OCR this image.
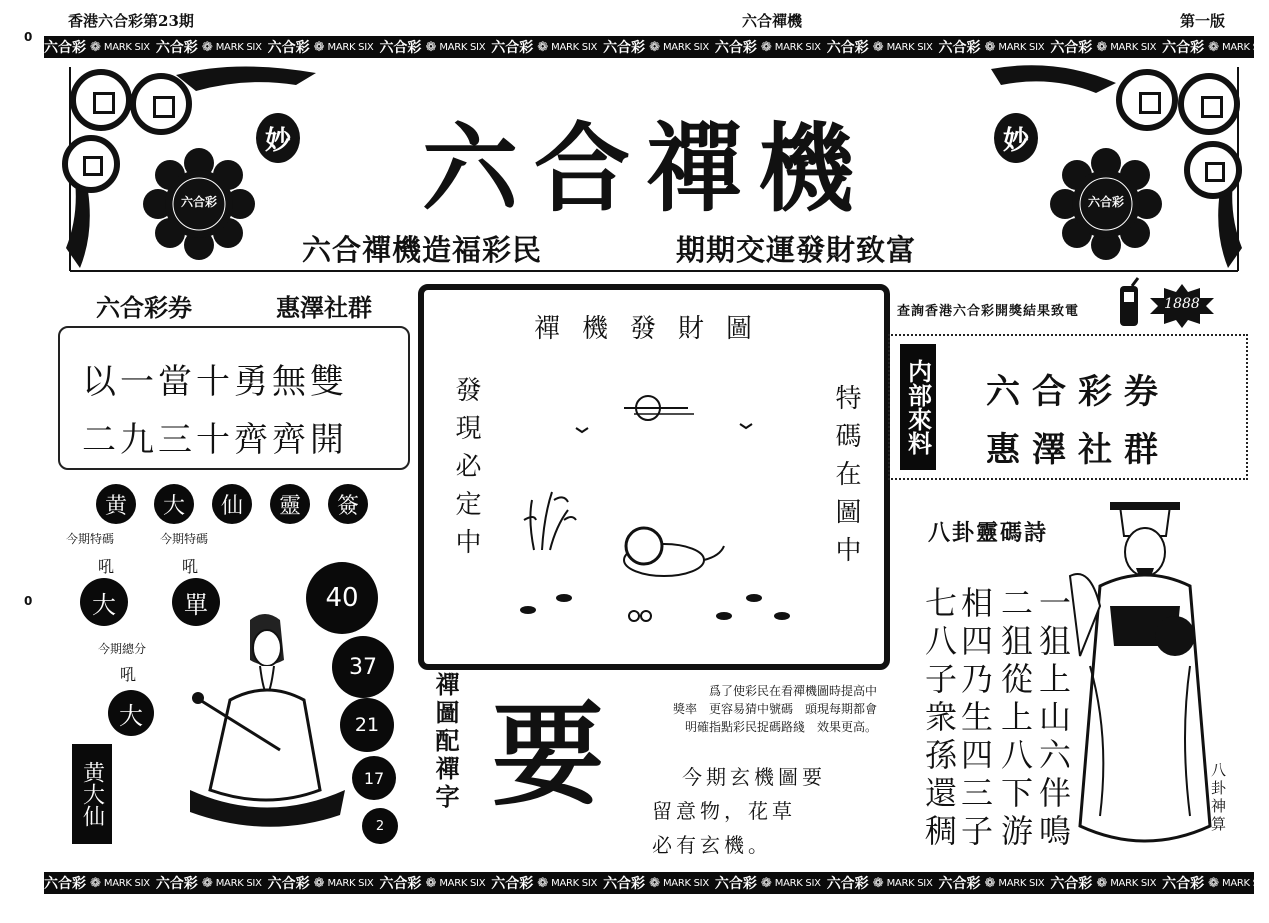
0
0
香港六合彩第23期	六合禪機	第一版
六合彩 ❁ MARK SIX 六合彩 ❁ MARK SIX 六合彩 ❁ MARK SIX 六合彩 ❁ MARK SIX 六合彩 ❁ MARK SIX 六合彩 ❁ MARK SIX 六合彩 ❁ MARK SIX 六合彩 ❁ MARK SIX 六合彩 ❁ MARK SIX 六合彩 ❁ MARK SIX 六合彩 ❁ MARK SIX
六合彩	六合彩
妙	妙
六合禪機
六合禪機造福彩民	期期交運發財致富
六合彩券	惠澤社群
以一當十勇無雙
二九三十齊齊開
黄	大	仙	靈	簽
今期特碼
吼
大
今期特碼
吼
單
今期總分
吼
大
黄大仙
40
37
21
17
2
禪機發財圖
發現必定中	特碼在圖中
禪圖配禪字 要	爲了使彩民在看禪機圖時提高中
獎率　更容易猜中號碼　頭現每期都會
明確指點彩民捉碼路綫　效果更高。
今期玄機圖要
留意物，花草
必有玄機。
查詢香港六合彩開獎結果致電	1888
内部來料 六合彩券
惠澤社群
八卦靈碼詩
一狙上山六伴鳴
二狙從上八下游
相四乃生四三子
七八子衆孫還稠	八卦神算
六合彩 ❁ MARK SIX 六合彩 ❁ MARK SIX 六合彩 ❁ MARK SIX 六合彩 ❁ MARK SIX 六合彩 ❁ MARK SIX 六合彩 ❁ MARK SIX 六合彩 ❁ MARK SIX 六合彩 ❁ MARK SIX 六合彩 ❁ MARK SIX 六合彩 ❁ MARK SIX 六合彩 ❁ MARK SIX
